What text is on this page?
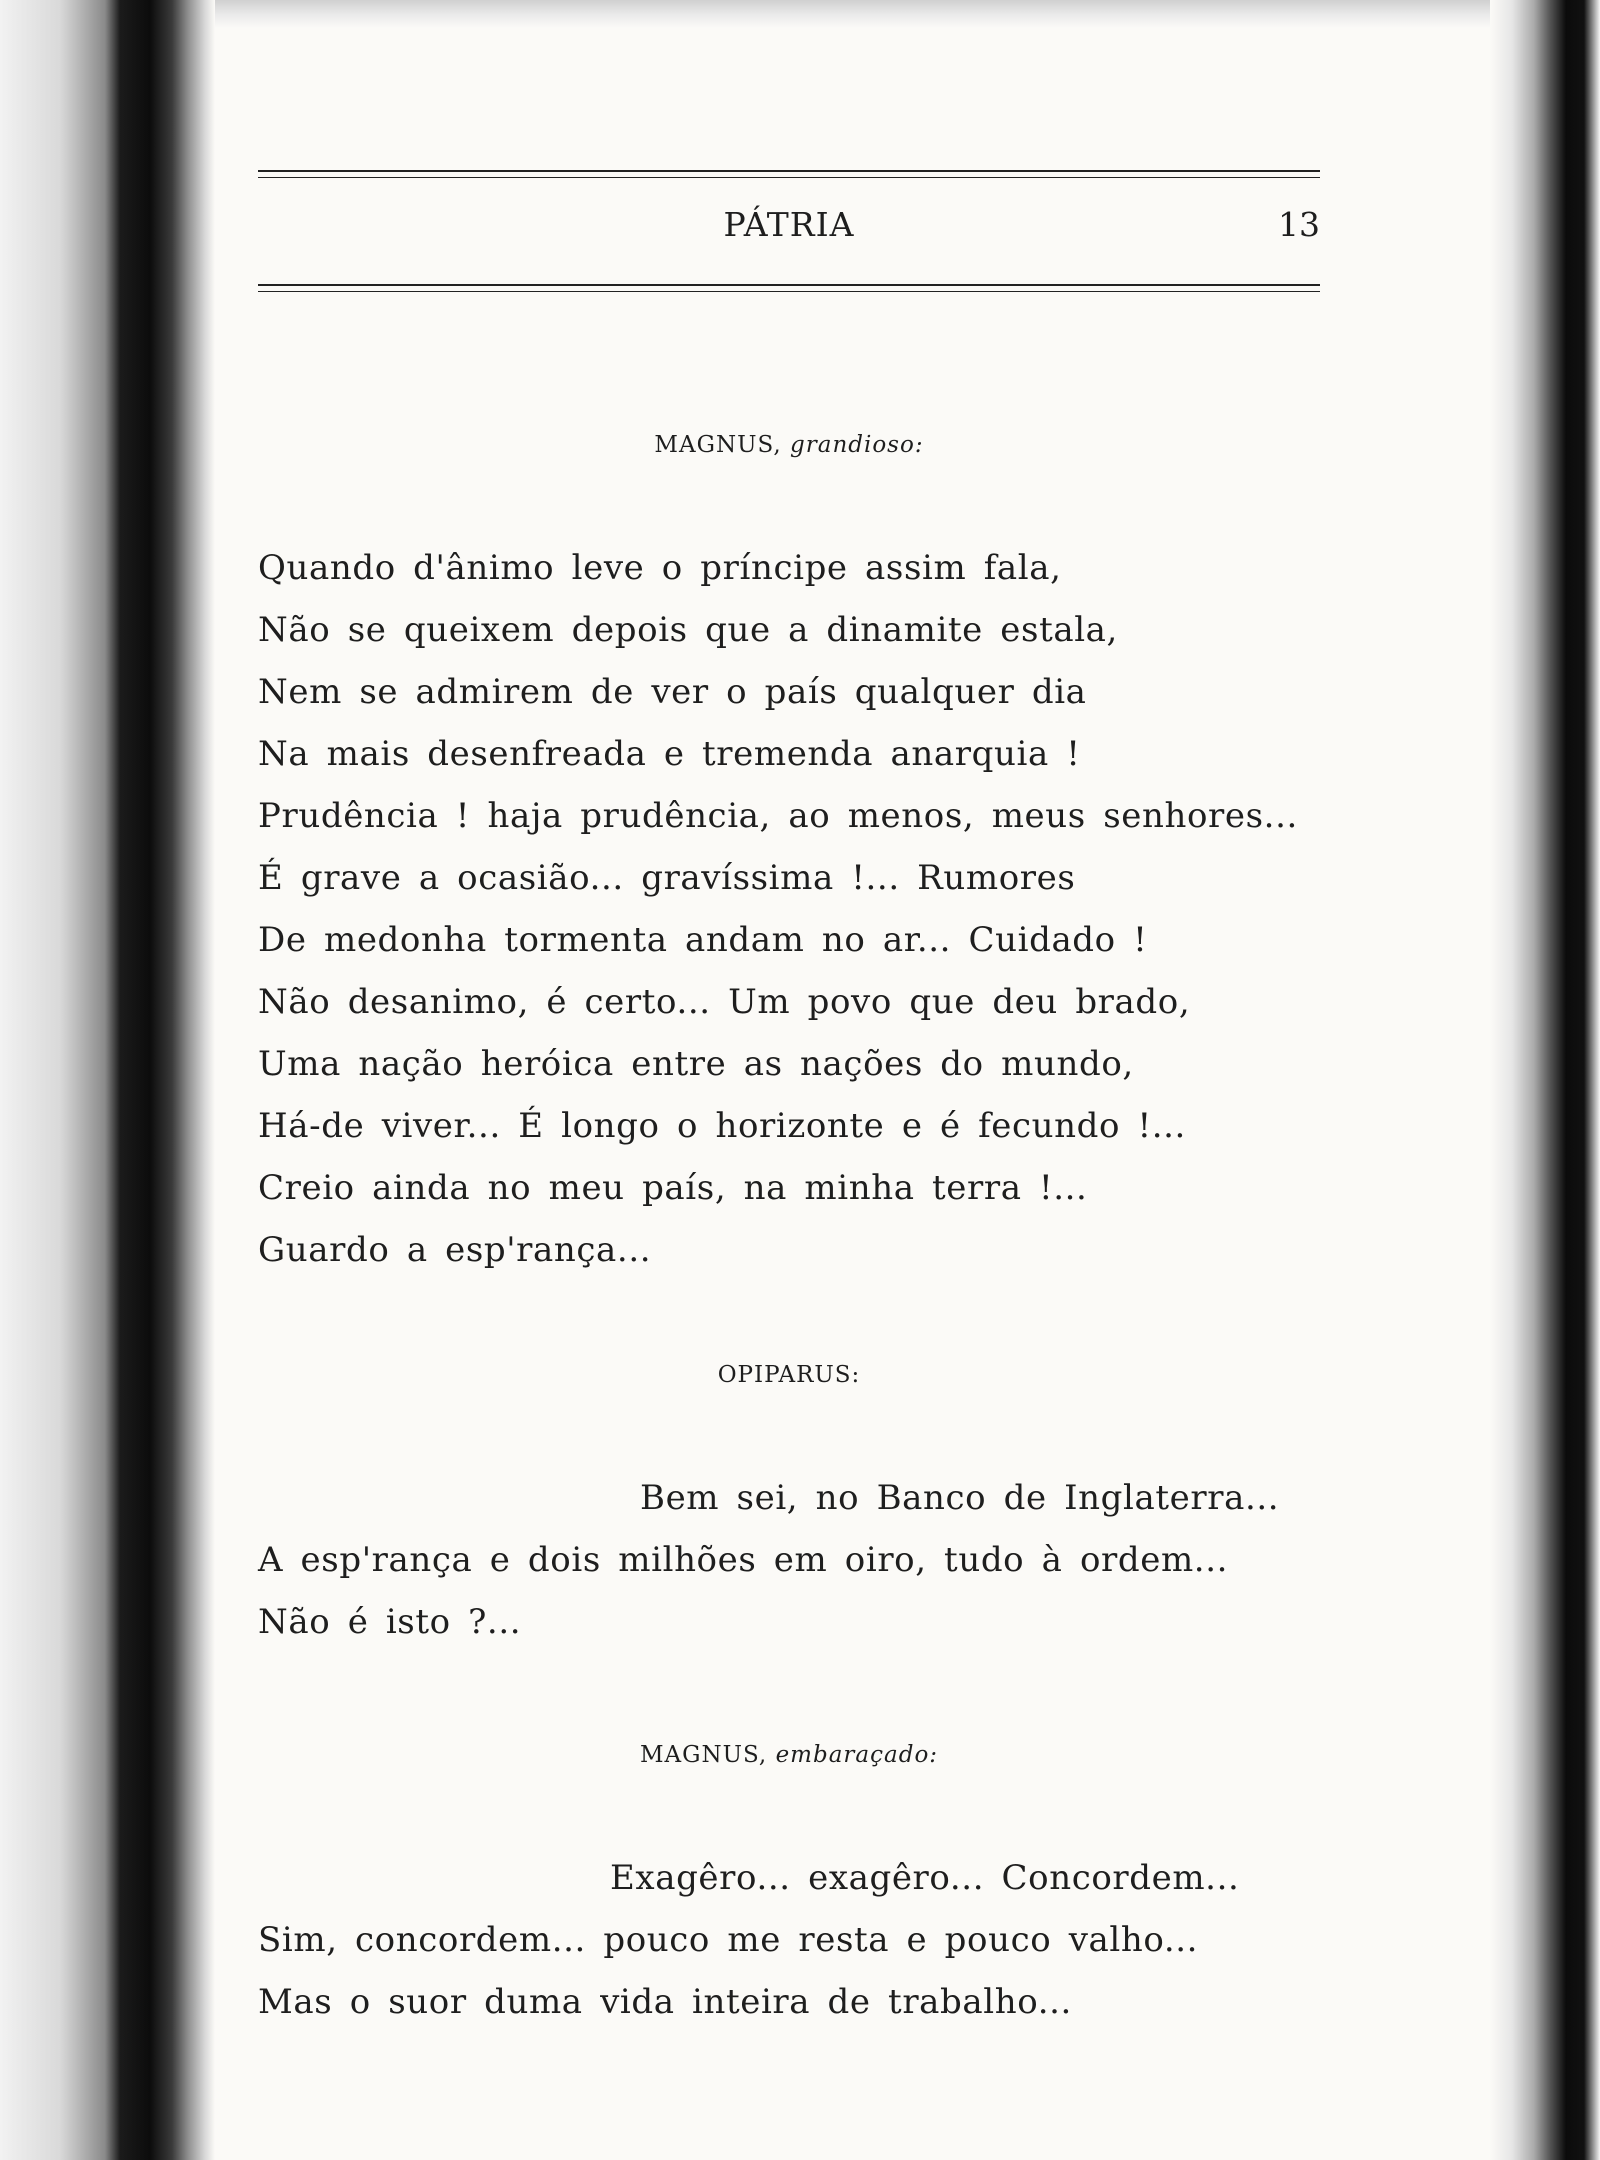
PÁTRIA	13
MAGNUS, grandioso:
Quando d'ânimo leve o príncipe assim fala,
Não se queixem depois que a dinamite estala,
Nem se admirem de ver o país qualquer dia
Na mais desenfreada e tremenda anarquia !
Prudência ! haja prudência, ao menos, meus senhores...
É grave a ocasião... gravíssima !... Rumores
De medonha tormenta andam no ar... Cuidado !
Não desanimo, é certo... Um povo que deu brado,
Uma nação heróica entre as nações do mundo,
Há-de viver... É longo o horizonte e é fecundo !...
Creio ainda no meu país, na minha terra !...
Guardo a esp'rança...
OPIPARUS:
Bem sei, no Banco de Inglaterra...
A esp'rança e dois milhões em oiro, tudo à ordem...
Não é isto ?...
MAGNUS, embaraçado:
Exagêro... exagêro... Concordem...
Sim, concordem... pouco me resta e pouco valho...
Mas o suor duma vida inteira de trabalho...
